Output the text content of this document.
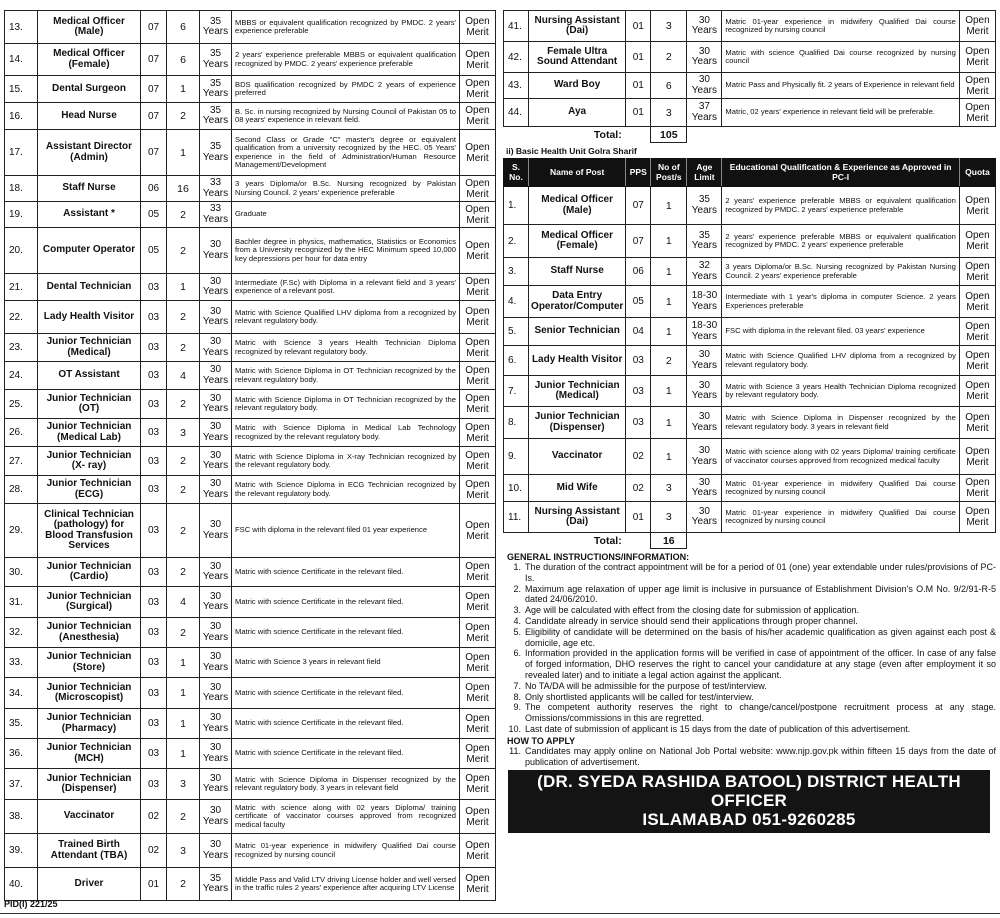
13.	Medical Officer (Male)	07	6	35 Years	MBBS or equivalent qualification recognized by PMDC. 2 years' experience preferable	Open Merit
14.	Medical Officer (Female)	07	6	35 Years	2 years' experience preferable MBBS or equivalent qualification recognized by PMDC. 2 years' experience preferable	Open Merit
15.	Dental Surgeon	07	1	35 Years	BDS qualification recognized by PMDC 2 years of experience preferred	Open Merit
16.	Head Nurse	07	2	35 Years	B. Sc. in nursing recognized by Nursing Council of Pakistan 05 to 08 years' experience in relevant field.	Open Merit
17.	Assistant Director (Admin)	07	1	35 Years	Second Class or Grade "C" master's degree or equivalent qualification from a university recognized by the HEC. 05 Years' experience in the field of Administration/Human Resource Management/Development	Open Merit
18.	Staff Nurse	06	16	33 Years	3 years Diploma/or B.Sc. Nursing recognized by Pakistan Nursing Council. 2 years' experience preferable	Open Merit
19.	Assistant *	05	2	33 Years	Graduate	Open Merit
20.	Computer Operator	05	2	30 Years	Bachler degree in physics, mathematics, Statistics or Economics from a University recognized by the HEC Minimum speed 10,000 key depressions per hour for data entry	Open Merit
21.	Dental Technician	03	1	30 Years	Intermediate (F.Sc) with Diploma in a relevant field and 3 years' experience of a relevant post.	Open Merit
22.	Lady Health Visitor	03	2	30 Years	Matric with Science Qualified LHV diploma from a recognized by relevant regulatory body.	Open Merit
23.	Junior Technician (Medical)	03	2	30 Years	Matric with Science 3 years Health Technician Diploma recognized by relevant regulatory body.	Open Merit
24.	OT Assistant	03	4	30 Years	Matric with Science Diploma in OT Technician recognized by the relevant regulatory body.	Open Merit
25.	Junior Technician (OT)	03	2	30 Years	Matric with Science Diploma in OT Technician recognized by the relevant regulatory body.	Open Merit
26.	Junior Technician (Medical Lab)	03	3	30 Years	Matric with Science Diploma in Medical Lab Technology recognized by the relevant regulatory body.	Open Merit
27.	Junior Technician (X- ray)	03	2	30 Years	Matric with Science Diploma in X-ray Technician recognized by the relevant regulatory body.	Open Merit
28.	Junior Technician (ECG)	03	2	30 Years	Matric with Science Diploma in ECG Technician recognized by the relevant regulatory body.	Open Merit
29.	Clinical Technician (pathology) for Blood Transfusion Services	03	2	30 Years	FSC with diploma in the relevant filed 01 year experience	Open Merit
30.	Junior Technician (Cardio)	03	2	30 Years	Matric with science Certificate in the relevant filed.	Open Merit
31.	Junior Technician (Surgical)	03	4	30 Years	Matric with science Certificate in the relevant filed.	Open Merit
32.	Junior Technician (Anesthesia)	03	2	30 Years	Matric with science Certificate in the relevant filed.	Open Merit
33.	Junior Technician (Store)	03	1	30 Years	Matric with Science 3 years in relevant field	Open Merit
34.	Junior Technician (Microscopist)	03	1	30 Years	Matric with science Certificate in the relevant filed.	Open Merit
35.	Junior Technician (Pharmacy)	03	1	30 Years	Matric with science Certificate in the relevant filed.	Open Merit
36.	Junior Technician (MCH)	03	1	30 Years	Matric with science Certificate in the relevant filed.	Open Merit
37.	Junior Technician (Dispenser)	03	3	30 Years	Matric with Science Diploma in Dispenser recognized by the relevant regulatory body. 3 years in relevant field	Open Merit
38.	Vaccinator	02	2	30 Years	Matric with science along with 02 years Diploma/ training certificate of vaccinator courses approved from recognized medical faculty	Open Merit
39.	Trained Birth Attendant (TBA)	02	3	30 Years	Matric 01-year experience in midwifery Qualified Dai course recognized by nursing council	Open Merit
40.	Driver	01	2	35 Years	Middle Pass and Valid LTV driving License holder and well versed in the traffic rules 2 years' experience after acquiring LTV License	Open Merit
41.	Nursing Assistant (Dai)	01	3	30 Years	Matric 01-year experience in midwifery Qualified Dai course recognized by nursing council	Open Merit
42.	Female Ultra Sound Attendant	01	2	30 Years	Matric with science Qualified Dai course recognized by nursing council	Open Merit
43.	Ward Boy	01	6	30 Years	Matric Pass and Physically fit. 2 years of Experience in relevant field	Open Merit
44.	Aya	01	3	37 Years	Matric, 02 years' experience in relevant field will be preferable.	Open Merit
	Total:		105			
ii) Basic Health Unit Golra Sharif
S. No.	Name of Post	PPS	No of Post/s	Age Limit	Educational Qualification & Experience as Approved in PC-I	Quota
1.	Medical Officer (Male)	07	1	35 Years	2 years' experience preferable MBBS or equivalent qualification recognized by PMDC. 2 years' experience preferable	Open Merit
2.	Medical Officer (Female)	07	1	35 Years	2 years' experience preferable MBBS or equivalent qualification recognized by PMDC. 2 years' experience preferable	Open Merit
3.	Staff Nurse	06	1	32 Years	3 years Diploma/or B.Sc. Nursing recognized by Pakistan Nursing Council. 2 years' experience preferable	Open Merit
4.	Data Entry Operator/Computer	05	1	18-30 Years	Intermediate with 1 year's diploma in computer Science. 2 years Experiences preferable	Open Merit
5.	Senior Technician	04	1	18-30 Years	FSC with diploma in the relevant filed. 03 years' experience	Open Merit
6.	Lady Health Visitor	03	2	30 Years	Matric with Science Qualified LHV diploma from a recognized by relevant regulatory body.	Open Merit
7.	Junior Technician (Medical)	03	1	30 Years	Matric with Science 3 years Health Technician Diploma recognized by relevant regulatory body.	Open Merit
8.	Junior Technician (Dispenser)	03	1	30 Years	Matric with Science Diploma in Dispenser recognized by the relevant regulatory body. 3 years in relevant field	Open Merit
9.	Vaccinator	02	1	30 Years	Matric with science along with 02 years Diploma/ training certificate of vaccinator courses approved from recognized medical faculty	Open Merit
10.	Mid Wife	02	3	30 Years	Matric 01-year experience in midwifery Qualified Dai course recognized by nursing council	Open Merit
11.	Nursing Assistant (Dai)	01	3	30 Years	Matric 01-year experience in midwifery Qualified Dai course recognized by nursing council	Open Merit
	Total:		16			
GENERAL INSTRUCTIONS/INFORMATION:
1. The duration of the contract appointment will be for a period of 01 (one) year extendable under rules/provisions of PC-Is.
2. Maximum age relaxation of upper age limit is inclusive in pursuance of Establishment Division's O.M No. 9/2/91-R-5 dated 24/06/2010.
3. Age will be calculated with effect from the closing date for submission of application.
4. Candidate already in service should send their applications through proper channel.
5. Eligibility of candidate will be determined on the basis of his/her academic qualification as given against each post & domicile, age etc.
6. Information provided in the application forms will be verified in case of appointment of the officer. In case of any false of forged information, DHO reserves the right to cancel your candidature at any stage (even after employment it so revealed later) and to initiate a legal action against the applicant.
7. No TA/DA will be admissible for the purpose of test/interview.
8. Only shortlisted applicants will be called for test/interview.
9. The competent authority reserves the right to change/cancel/postpone recruitment process at any stage. Omissions/commissions in this are regretted.
10. Last date of submission of applicant is 15 days from the date of publication of this advertisement.
HOW TO APPLY
11. Candidates may apply online on National Job Portal website: www.njp.gov.pk within fifteen 15 days from the date of publication of advertisement.
(DR. SYEDA RASHIDA BATOOL) DISTRICT HEALTH OFFICER
ISLAMABAD 051-9260285
PID(I) 221/25
